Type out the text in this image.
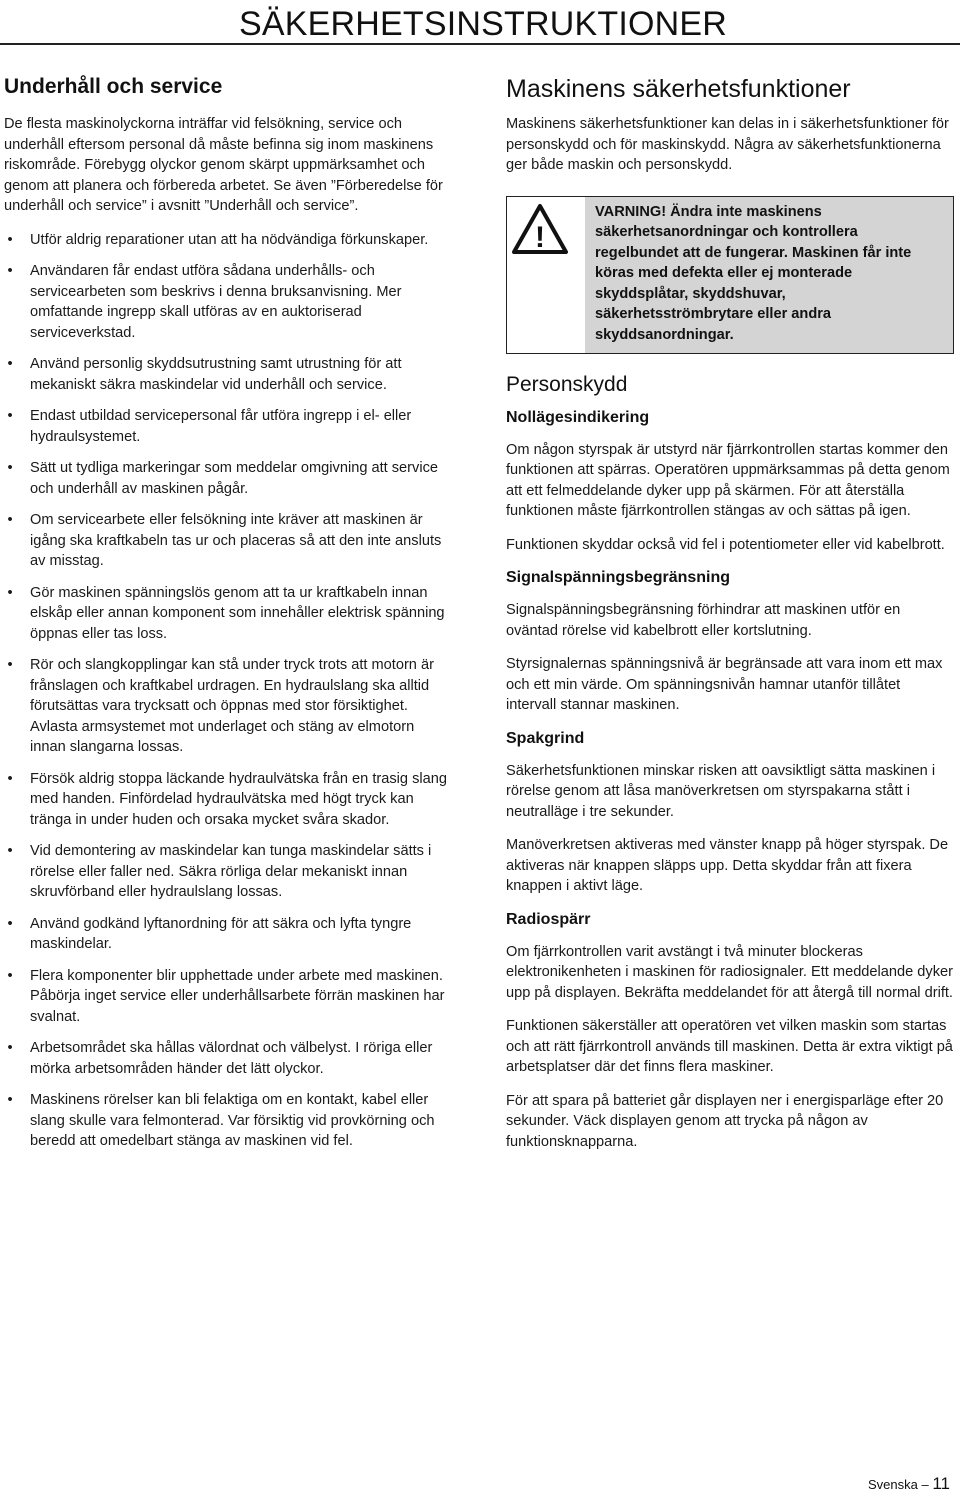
SÄKERHETSINSTRUKTIONER
Underhåll och service

De flesta maskinolyckorna inträffar vid felsökning, service och underhåll eftersom personal då måste befinna sig inom maskinens riskområde. Förebygg olyckor genom skärpt uppmärksamhet och genom att planera och förbereda arbetet. Se även ”Förberedelse för underhåll och service” i avsnitt ”Underhåll och service”.

• Utför aldrig reparationer utan att ha nödvändiga förkunskaper.
• Användaren får endast utföra sådana underhålls- och servicearbeten som beskrivs i denna bruksanvisning. Mer omfattande ingrepp skall utföras av en auktoriserad serviceverkstad.
• Använd personlig skyddsutrustning samt utrustning för att mekaniskt säkra maskindelar vid underhåll och service.
• Endast utbildad servicepersonal får utföra ingrepp i el- eller hydraulsystemet.
• Sätt ut tydliga markeringar som meddelar omgivning att service och underhåll av maskinen pågår.
• Om servicearbete eller felsökning inte kräver att maskinen är igång ska kraftkabeln tas ur och placeras så att den inte ansluts av misstag.
• Gör maskinen spänningslös genom att ta ur kraftkabeln innan elskåp eller annan komponent som innehåller elektrisk spänning öppnas eller tas loss.
• Rör och slangkopplingar kan stå under tryck trots att motorn är frånslagen och kraftkabel urdragen. En hydraulslang ska alltid förutsättas vara trycksatt och öppnas med stor försiktighet. Avlasta armsystemet mot underlaget och stäng av elmotorn innan slangarna lossas.
• Försök aldrig stoppa läckande hydraulvätska från en trasig slang med handen. Finfördelad hydraulvätska med högt tryck kan tränga in under huden och orsaka mycket svåra skador.
• Vid demontering av maskindelar kan tunga maskindelar sätts i rörelse eller faller ned. Säkra rörliga delar mekaniskt innan skruvförband eller hydraulslang lossas.
• Använd godkänd lyftanordning för att säkra och lyfta tyngre maskindelar.
• Flera komponenter blir upphettade under arbete med maskinen. Påbörja inget service eller underhållsarbete förrän maskinen har svalnat.
• Arbetsområdet ska hållas välordnat och välbelyst. I röriga eller mörka arbetsområden händer det lätt olyckor.
• Maskinens rörelser kan bli felaktiga om en kontakt, kabel eller slang skulle vara felmonterad. Var försiktig vid provkörning och beredd att omedelbart stänga av maskinen vid fel.
Maskinens säkerhetsfunktioner

Maskinens säkerhetsfunktioner kan delas in i säkerhetsfunktioner för personskydd och för maskinskydd. Några av säkerhetsfunktionerna ger både maskin och personskydd.

!
VARNING! Ändra inte maskinens säkerhetsanordningar och kontrollera regelbundet att de fungerar. Maskinen får inte köras med defekta eller ej monterade skyddsplåtar, skyddshuvar, säkerhetsströmbrytare eller andra skyddsanordningar.
Personskydd
Nollägesindikering

Om någon styrspak är utstyrd när fjärrkontrollen startas kommer den funktionen att spärras. Operatören uppmärksammas på detta genom att ett felmeddelande dyker upp på skärmen. För att återställa funktionen måste fjärrkontrollen stängas av och sättas på igen.

Funktionen skyddar också vid fel i potentiometer eller vid kabelbrott.

Signalspänningsbegränsning

Signalspänningsbegränsning förhindrar att maskinen utför en oväntad rörelse vid kabelbrott eller kortslutning.

Styrsignalernas spänningsnivå är begränsade att vara inom ett max och ett min värde. Om spänningsnivån hamnar utanför tillåtet intervall stannar maskinen.

Spakgrind

Säkerhetsfunktionen minskar risken att oavsiktligt sätta maskinen i rörelse genom att låsa manöverkretsen om styrspakarna stått i neutralläge i tre sekunder.

Manöverkretsen aktiveras med vänster knapp på höger styrspak. De aktiveras när knappen släpps upp. Detta skyddar från att fixera knappen i aktivt läge.

Radiospärr

Om fjärrkontrollen varit avstängt i två minuter blockeras elektronikenheten i maskinen för radiosignaler. Ett meddelande dyker upp på displayen. Bekräfta meddelandet för att återgå till normal drift.

Funktionen säkerställer att operatören vet vilken maskin som startas och att rätt fjärrkontroll används till maskinen. Detta är extra viktigt på arbetsplatser där det finns flera maskiner.

För att spara på batteriet går displayen ner i energisparläge efter 20 sekunder. Väck displayen genom att trycka på någon av funktionsknapparna.

Svenska – 11
